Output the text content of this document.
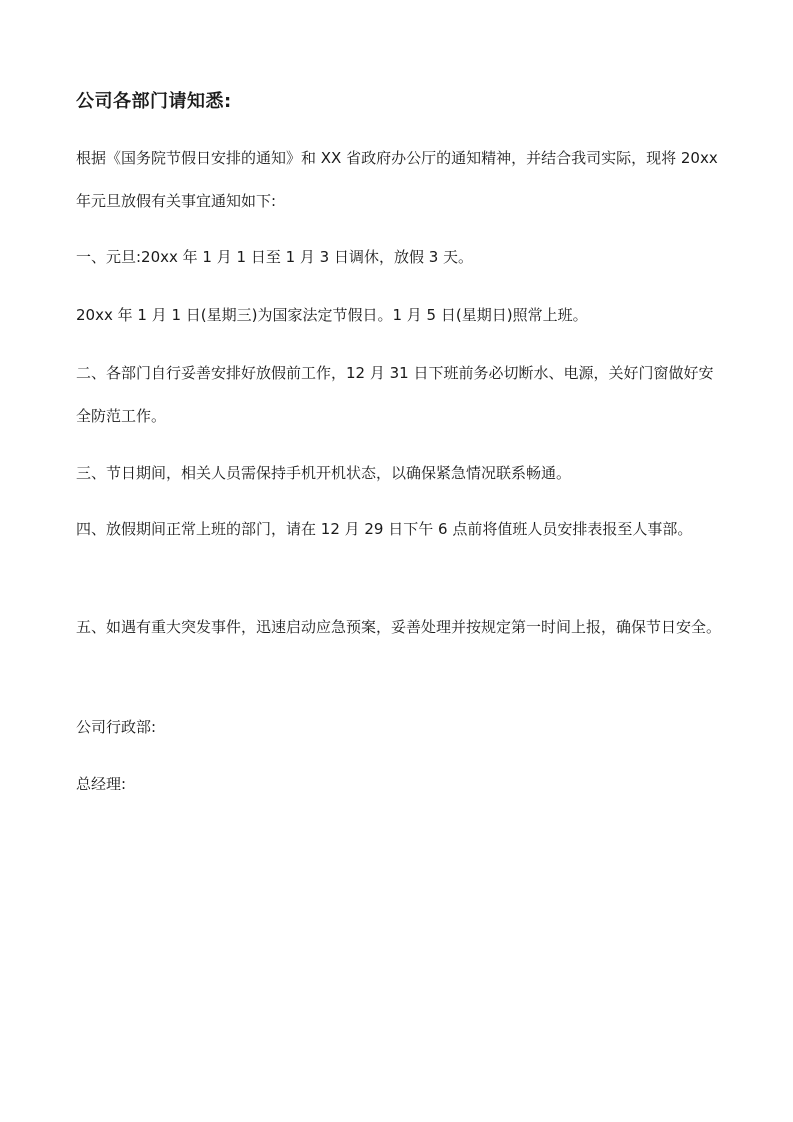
公司各部门请知悉:

根据《国务院节假日安排的通知》和 XX 省政府办公厅的通知精神，并结合我司实际，现将 20xx 年元旦放假有关事宜通知如下:

一、元旦:20xx 年 1 月 1 日至 1 月 3 日调休，放假 3 天。

20xx 年 1 月 1 日(星期三)为国家法定节假日。1 月 5 日(星期日)照常上班。

二、各部门自行妥善安排好放假前工作，12 月 31 日下班前务必切断水、电源，关好门窗做好安全防范工作。

三、节日期间，相关人员需保持手机开机状态，以确保紧急情况联系畅通。

四、放假期间正常上班的部门，请在 12 月 29 日下午 6 点前将值班人员安排表报至人事部。

五、如遇有重大突发事件，迅速启动应急预案，妥善处理并按规定第一时间上报，确保节日安全。

公司行政部:

总经理:
